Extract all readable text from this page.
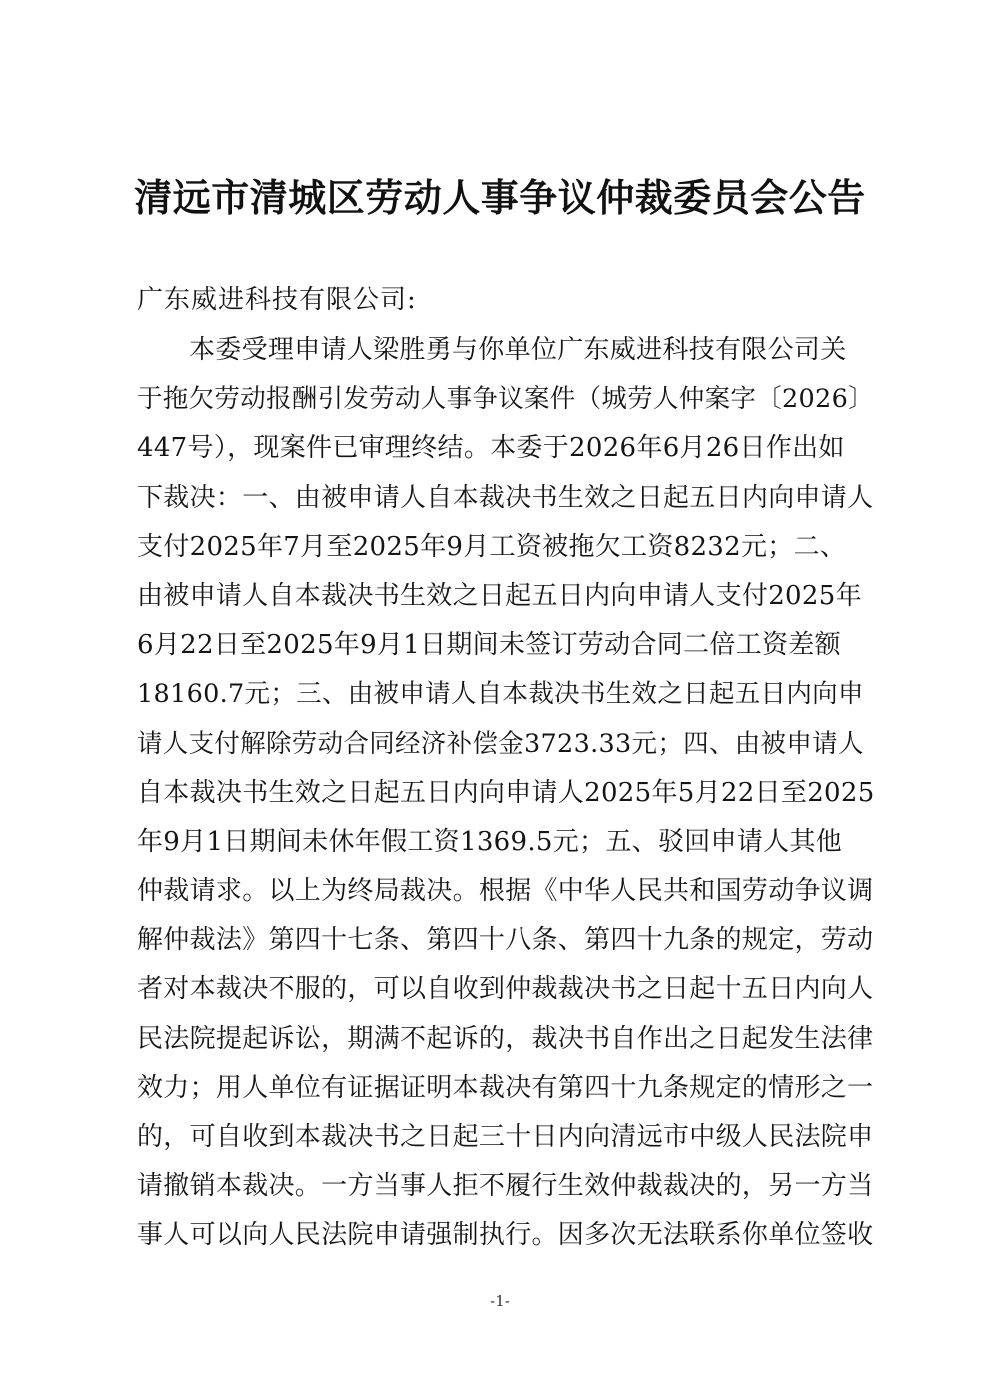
清远市清城区劳动人事争议仲裁委员会公告

广东威进科技有限公司:

本委受理申请人梁胜勇与你单位广东威进科技有限公司关
于拖欠劳动报酬引发劳动人事争议案件（城劳人仲案字〔2026〕
447号），现案件已审理终结。本委于2026年6月26日作出如
下裁决：一、由被申请人自本裁决书生效之日起五日内向申请人
支付2025年7月至2025年9月工资被拖欠工资8232元；二、
由被申请人自本裁决书生效之日起五日内向申请人支付2025年
6月22日至2025年9月1日期间未签订劳动合同二倍工资差额
18160.7元；三、由被申请人自本裁决书生效之日起五日内向申
请人支付解除劳动合同经济补偿金3723.33元；四、由被申请人
自本裁决书生效之日起五日内向申请人2025年5月22日至2025
年9月1日期间未休年假工资1369.5元；五、驳回申请人其他
仲裁请求。以上为终局裁决。根据《中华人民共和国劳动争议调
解仲裁法》第四十七条、第四十八条、第四十九条的规定，劳动
者对本裁决不服的，可以自收到仲裁裁决书之日起十五日内向人
民法院提起诉讼，期满不起诉的，裁决书自作出之日起发生法律
效力；用人单位有证据证明本裁决有第四十九条规定的情形之一
的，可自收到本裁决书之日起三十日内向清远市中级人民法院申
请撤销本裁决。一方当事人拒不履行生效仲裁裁决的，另一方当
事人可以向人民法院申请强制执行。因多次无法联系你单位签收
-1-
